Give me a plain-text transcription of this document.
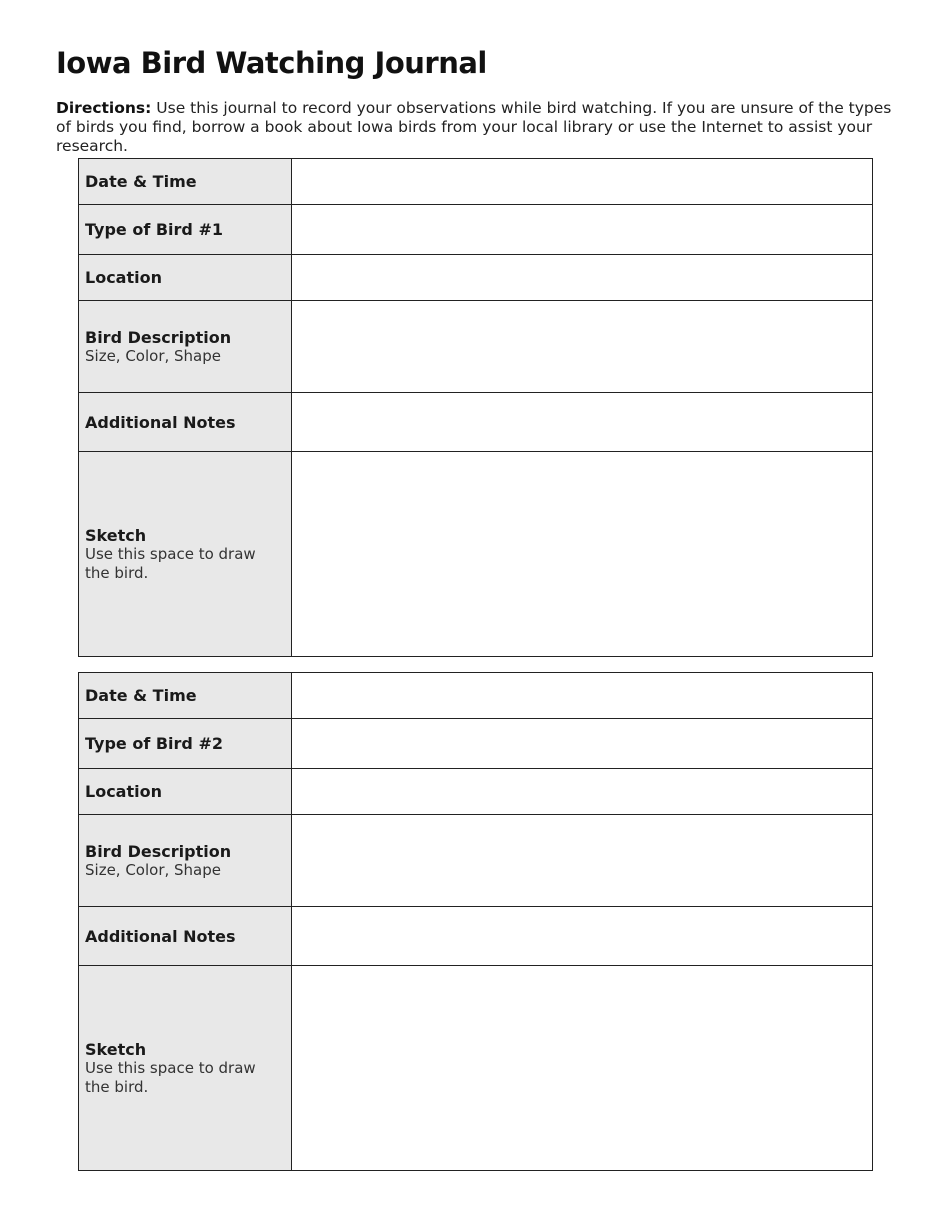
Iowa Bird Watching Journal

Directions: Use this journal to record your observations while bird watching. If you are unsure of the types of birds you find, borrow a book about Iowa birds from your local library or use the Internet to assist your research.

Date & Time	

Type of Bird #1	

Location	

Bird Description
Size, Color, Shape	

Additional Notes	

Sketch
Use this space to draw the bird.	

Date & Time	

Type of Bird #2	

Location	

Bird Description
Size, Color, Shape	

Additional Notes	

Sketch
Use this space to draw the bird.	
